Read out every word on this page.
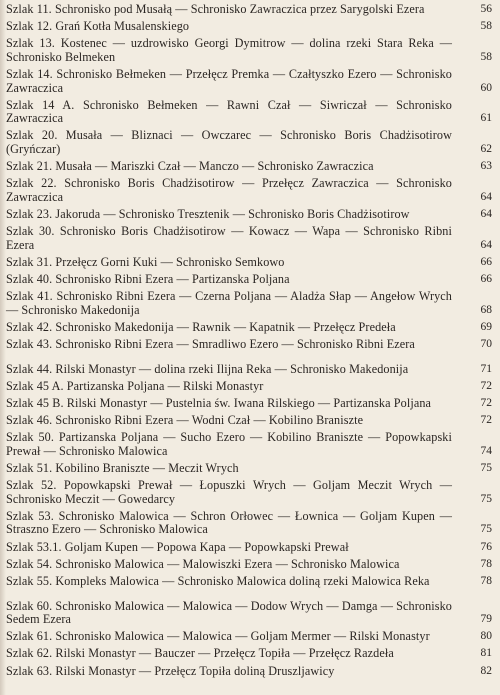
Szlak 11. Schronisko pod Musałą — Schronisko Zawraczica przez Sarygolski Ezera	56
Szlak 12. Grań Kotła Musalenskiego	58
Szlak 13. Kostenec — uzdrowisko Georgi Dymitrow — dolina rzeki Stara Reka — Schronisko Belmeken	58
Szlak 14. Schronisko Bełmeken — Przełęcz Premka — Czałtyszko Ezero — Schronisko Zawraczica	60
Szlak 14 A. Schronisko Bełmeken — Rawni Czał — Siwriczał — Schronisko Zawraczica	61
Szlak 20. Musała — Bliznaci — Owczarec — Schronisko Boris Chadżisotirow (Gryńczar)	62
Szlak 21. Musała — Mariszki Czał — Manczo — Schronisko Zawraczica	63
Szlak 22. Schronisko Boris Chadżisotirow — Przełęcz Zawraczica — Schronisko Zawraczica	64
Szlak 23. Jakoruda — Schronisko Tresztenik — Schronisko Boris Chadżisotirow	64
Szlak 30. Schronisko Boris Chadżisotirow — Kowacz — Wapa — Schronisko Ribni Ezera	64
Szlak 31. Przełęcz Gorni Kuki — Schronisko Semkowo	66
Szlak 40. Schronisko Ribni Ezera — Partizanska Poljana	66
Szlak 41. Schronisko Ribni Ezera — Czerna Poljana — Aladża Słap — Angełow Wrych — Schronisko Makedonija	68
Szlak 42. Schronisko Makedonija — Rawnik — Kapatnik — Przełęcz Predeła	69
Szlak 43. Schronisko Ribni Ezera — Smradliwo Ezero — Schronisko Ribni Ezera	70
Szlak 44. Rilski Monastyr — dolina rzeki Ilijna Reka — Schronisko Makedonija	71
Szlak 45 A. Partizanska Poljana — Rilski Monastyr	72
Szlak 45 B. Rilski Monastyr — Pustelnia św. Iwana Rilskiego — Partizanska Poljana	72
Szlak 46. Schronisko Ribni Ezera — Wodni Czał — Kobilino Braniszte	72
Szlak 50. Partizanska Poljana — Sucho Ezero — Kobilino Braniszte — Popowkapski Prewał — Schronisko Malowica	74
Szlak 51. Kobilino Braniszte — Meczit Wrych	75
Szlak 52. Popowkapski Prewał — Łopuszki Wrych — Goljam Meczit Wrych — Schronisko Meczit — Gowedarcy	75
Szlak 53. Schronisko Malowica — Schron Orłowec — Łownica — Goljam Kupen — Straszno Ezero — Schronisko Malowica	75
Szlak 53.1. Goljam Kupen — Popowa Kapa — Popowkapski Prewał	76
Szlak 54. Schronisko Malowica — Malowiszki Ezera — Schronisko Malowica	78
Szlak 55. Kompleks Malowica — Schronisko Malowica doliną rzeki Malowica Reka	78
Szlak 60. Schronisko Malowica — Malowica — Dodow Wrych — Damga — Schronisko Sedem Ezera	79
Szlak 61. Schronisko Malowica — Malowica — Goljam Mermer — Rilski Monastyr	80
Szlak 62. Rilski Monastyr — Bauczer — Przełęcz Topiła — Przełęcz Razdeła	81
Szlak 63. Rilski Monastyr — Przełęcz Topiła doliną Druszljawicy	82
